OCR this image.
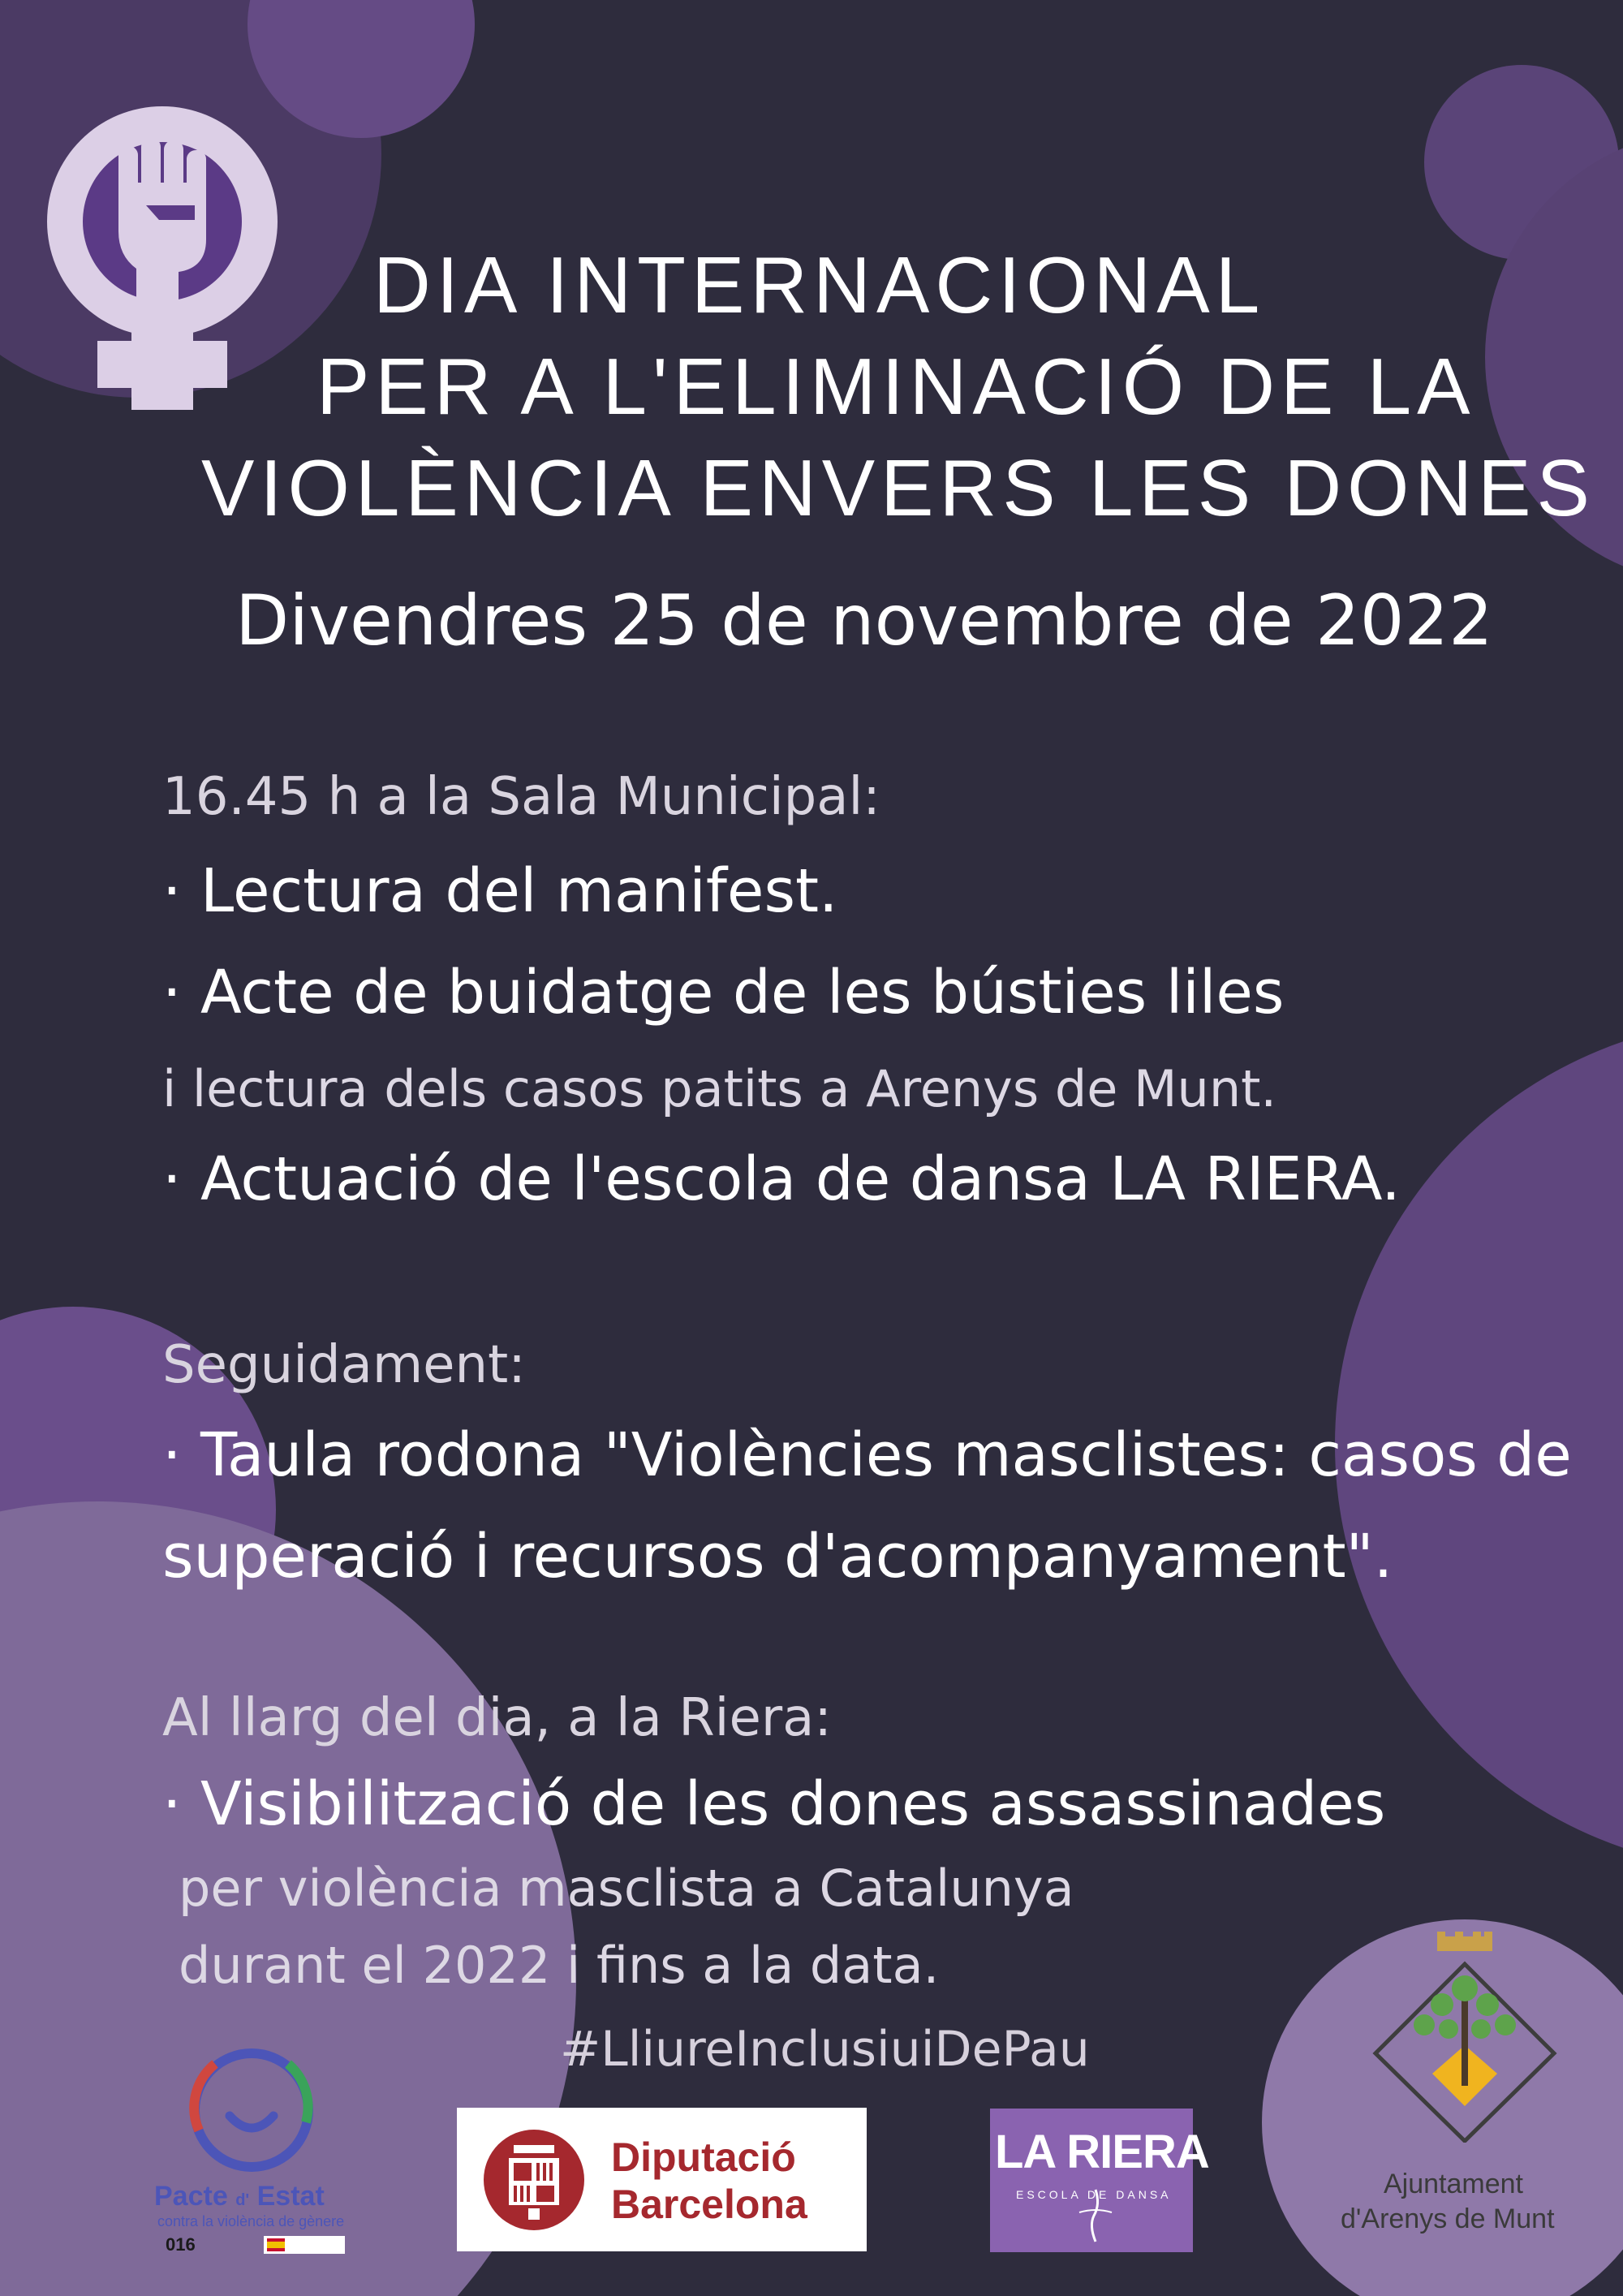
DIA INTERNACIONAL
PER A L'ELIMINACIÓ DE LA
VIOLÈNCIA ENVERS LES DONES
Divendres 25 de novembre de 2022
16.45 h a la Sala Municipal:
· Lectura del manifest.
· Acte de buidatge de les bústies liles
i lectura dels casos patits a Arenys de Munt.
· Actuació de l'escola de dansa LA RIERA.
Seguidament:
· Taula rodona "Violències masclistes: casos de
superació i recursos d'acompanyament".
Al llarg del dia, a la Riera:
· Visibilització de les dones assassinades
per violència masclista a Catalunya
durant el 2022 i fins a la data.
#LliureInclusiuiDePau
Pacte d' Estat
contra la violència de gènere
016
Diputació
Barcelona
LA RIERA
ESCOLA DE DANSA	Ajuntament
d'Arenys de Munt
